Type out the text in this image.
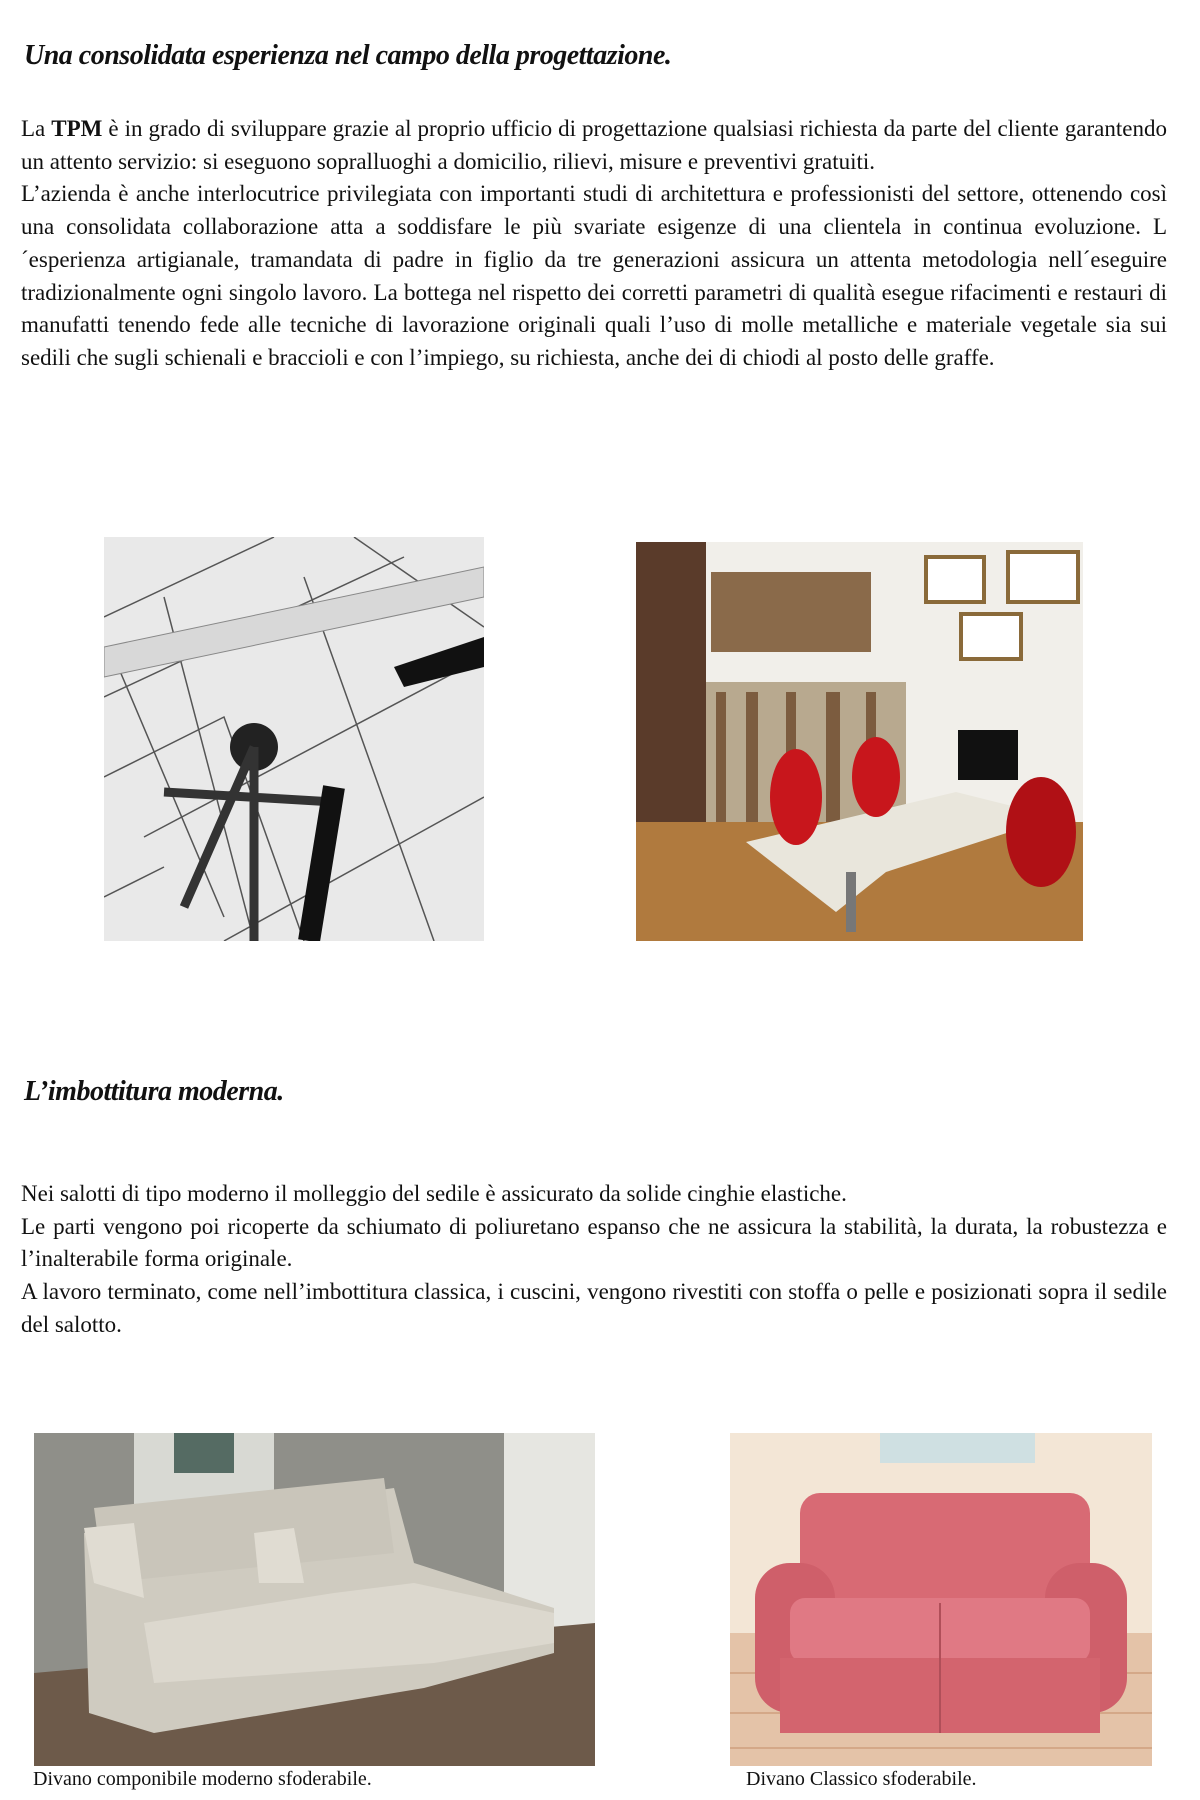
Una consolidata esperienza nel campo della progettazione.
La TPM è in grado di sviluppare grazie al proprio ufficio di progettazione qualsiasi richiesta da parte del cliente garantendo un attento servizio: si eseguono sopralluoghi a domicilio, rilievi, misure e preventivi gratuiti.
L’azienda è anche interlocutrice privilegiata con importanti studi di architettura e professionisti del settore, ottenendo così una consolidata collaborazione atta a soddisfare le più svariate esigenze di una clientela in continua evoluzione. L´esperienza artigianale, tramandata di padre in figlio da tre generazioni assicura un attenta metodologia nell´eseguire tradizionalmente ogni singolo lavoro. La bottega nel rispetto dei corretti parametri di qualità esegue rifacimenti e restauri di manufatti tenendo fede alle tecniche di lavorazione originali quali l’uso di molle metalliche e materiale vegetale sia sui sedili che sugli schienali e braccioli e con l’impiego, su richiesta, anche dei di chiodi al posto delle graffe.
L’imbottitura moderna.
Nei salotti di tipo moderno il molleggio del sedile è assicurato da solide cinghie elastiche.
Le parti vengono poi ricoperte da schiumato di poliuretano espanso che ne assicura la stabilità, la durata, la robustezza e l’inalterabile forma originale.
A lavoro terminato, come nell’imbottitura classica, i cuscini, vengono rivestiti con stoffa o pelle e posizionati sopra il sedile del salotto.
Divano componibile moderno sfoderabile.	Divano Classico sfoderabile.
